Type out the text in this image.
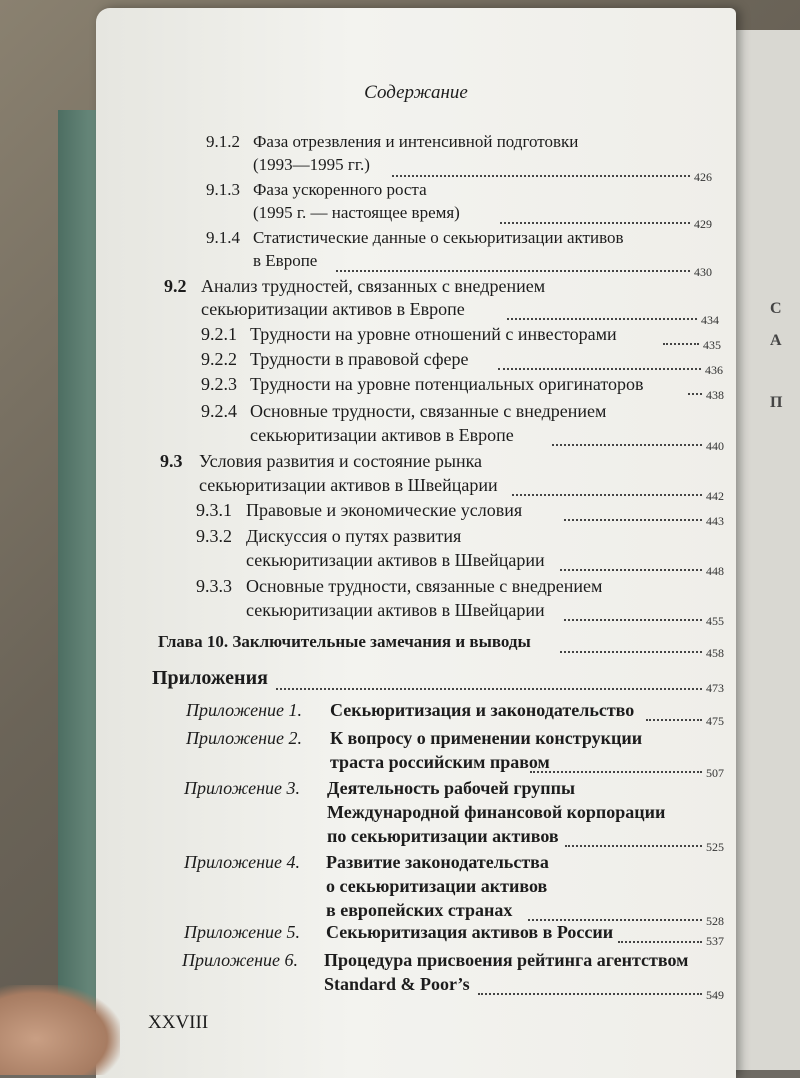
C
A
П
Содержание
9.1.2 Фаза отрезвления и интенсивной подготовки
(1993—1995 гг.)
426
9.1.3 Фаза ускоренного роста
(1995 г. — настоящее время)
429
9.1.4 Статистические данные о секьюритизации активов
в Европе
430
9.2 Анализ трудностей, связанных с внедрением
секьюритизации активов в Европе
434
9.2.1 Трудности на уровне отношений с инвесторами
435
9.2.2 Трудности в правовой сфере
436
9.2.3 Трудности на уровне потенциальных оригинаторов
438
9.2.4 Основные трудности, связанные с внедрением
секьюритизации активов в Европе
440
9.3 Условия развития и состояние рынка
секьюритизации активов в Швейцарии
442
9.3.1 Правовые и экономические условия
443
9.3.2 Дискуссия о путях развития
секьюритизации активов в Швейцарии
448
9.3.3 Основные трудности, связанные с внедрением
секьюритизации активов в Швейцарии
455
Глава 10. Заключительные замечания и выводы
458
Приложения	473
Приложение 1. Секьюритизация и законодательство
475
Приложение 2. К вопросу о применении конструкции
траста российским правом
507
Приложение 3. Деятельность рабочей группы
Международной финансовой корпорации
по секьюритизации активов
525
Приложение 4. Развитие законодательства
о секьюритизации активов
в европейских странах
528
Приложение 5. Секьюритизация активов в России	537
Приложение 6. Процедура присвоения рейтинга агентством
Standard & Poor’s
549
XXVIII
